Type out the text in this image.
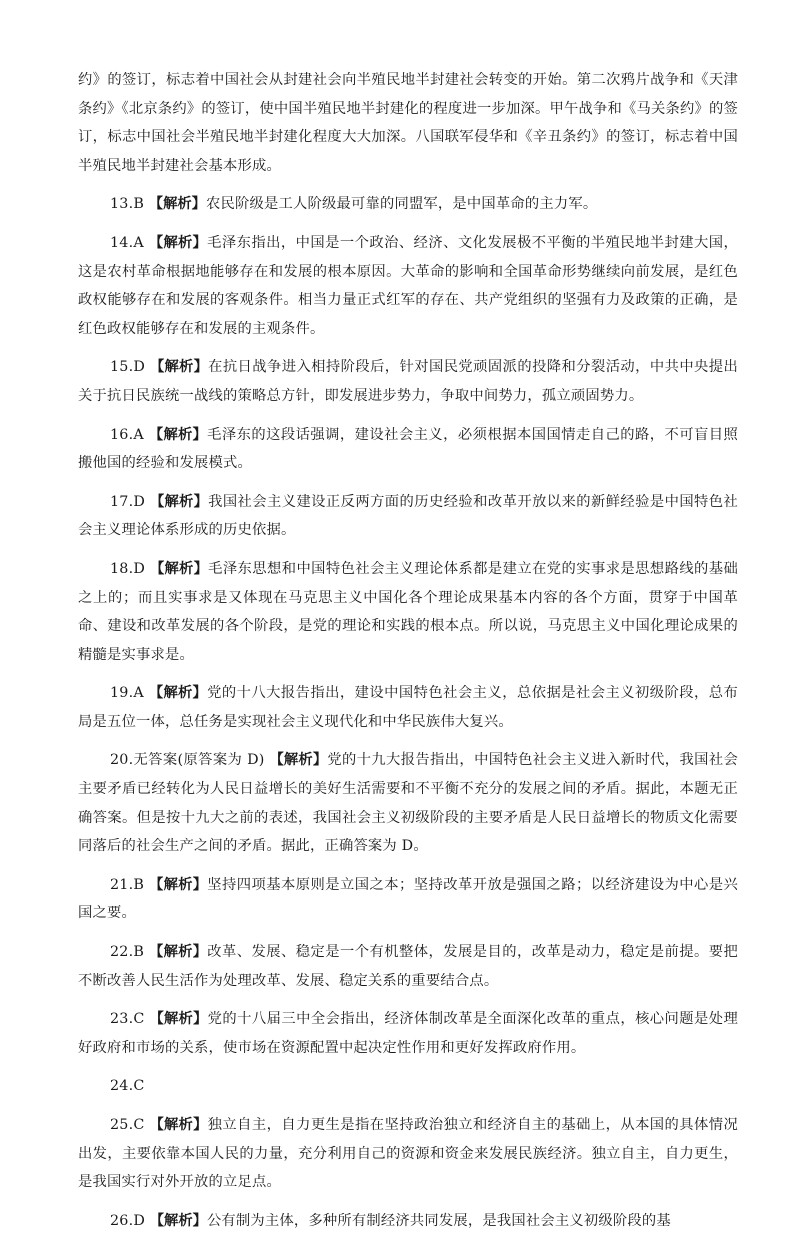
约》的签订，标志着中国社会从封建社会向半殖民地半封建社会转变的开始。第二次鸦片战争和《天津条约》《北京条约》的签订，使中国半殖民地半封建化的程度进一步加深。甲午战争和《马关条约》的签订，标志中国社会半殖民地半封建化程度大大加深。八国联军侵华和《辛丑条约》的签订，标志着中国半殖民地半封建社会基本形成。

13.B 【解析】农民阶级是工人阶级最可靠的同盟军，是中国革命的主力军。

14.A 【解析】毛泽东指出，中国是一个政治、经济、文化发展极不平衡的半殖民地半封建大国，这是农村革命根据地能够存在和发展的根本原因。大革命的影响和全国革命形势继续向前发展，是红色政权能够存在和发展的客观条件。相当力量正式红军的存在、共产党组织的坚强有力及政策的正确，是红色政权能够存在和发展的主观条件。

15.D 【解析】在抗日战争进入相持阶段后，针对国民党顽固派的投降和分裂活动，中共中央提出关于抗日民族统一战线的策略总方针，即发展进步势力，争取中间势力，孤立顽固势力。

16.A 【解析】毛泽东的这段话强调，建设社会主义，必须根据本国国情走自己的路，不可盲目照搬他国的经验和发展模式。

17.D 【解析】我国社会主义建设正反两方面的历史经验和改革开放以来的新鲜经验是中国特色社会主义理论体系形成的历史依据。

18.D 【解析】毛泽东思想和中国特色社会主义理论体系都是建立在党的实事求是思想路线的基础之上的；而且实事求是又体现在马克思主义中国化各个理论成果基本内容的各个方面，贯穿于中国革命、建设和改革发展的各个阶段，是党的理论和实践的根本点。所以说，马克思主义中国化理论成果的精髓是实事求是。

19.A 【解析】党的十八大报告指出，建设中国特色社会主义，总依据是社会主义初级阶段，总布局是五位一体，总任务是实现社会主义现代化和中华民族伟大复兴。

20.无答案(原答案为 D) 【解析】党的十九大报告指出，中国特色社会主义进入新时代，我国社会主要矛盾已经转化为人民日益增长的美好生活需要和不平衡不充分的发展之间的矛盾。据此，本题无正确答案。但是按十九大之前的表述，我国社会主义初级阶段的主要矛盾是人民日益增长的物质文化需要同落后的社会生产之间的矛盾。据此，正确答案为 D。

21.B 【解析】坚持四项基本原则是立国之本；坚持改革开放是强国之路；以经济建设为中心是兴国之要。

22.B 【解析】改革、发展、稳定是一个有机整体，发展是目的，改革是动力，稳定是前提。要把不断改善人民生活作为处理改革、发展、稳定关系的重要结合点。

23.C 【解析】党的十八届三中全会指出，经济体制改革是全面深化改革的重点，核心问题是处理好政府和市场的关系，使市场在资源配置中起决定性作用和更好发挥政府作用。

24.C

25.C 【解析】独立自主，自力更生是指在坚持政治独立和经济自主的基础上，从本国的具体情况出发，主要依靠本国人民的力量，充分利用自己的资源和资金来发展民族经济。独立自主，自力更生，是我国实行对外开放的立足点。

26.D 【解析】公有制为主体，多种所有制经济共同发展，是我国社会主义初级阶段的基
